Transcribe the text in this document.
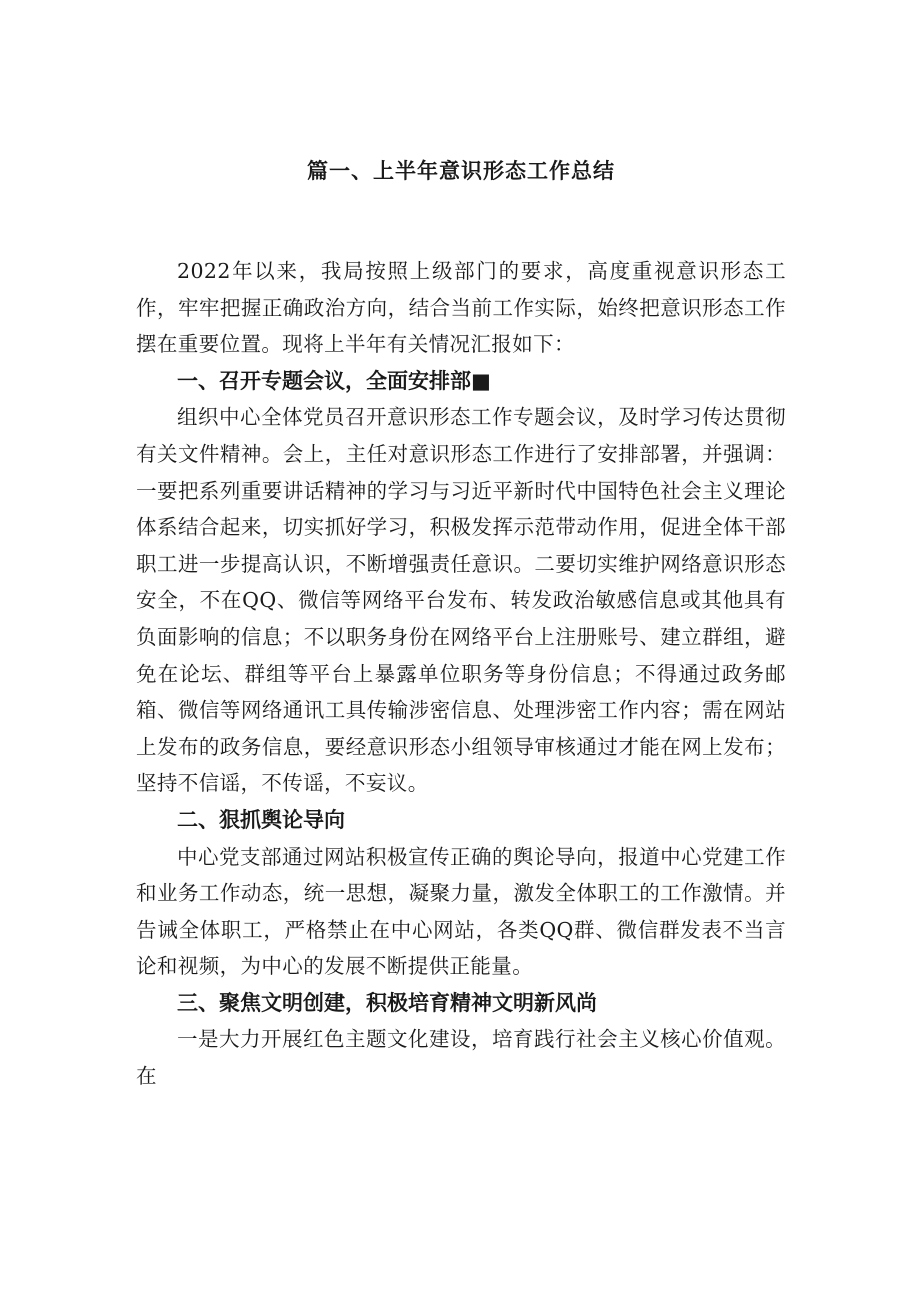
篇一、上半年意识形态工作总结

2022年以来，我局按照上级部门的要求，高度重视意识形态工作，牢牢把握正确政治方向，结合当前工作实际，始终把意识形态工作摆在重要位置。现将上半年有关情况汇报如下：

一、召开专题会议，全面安排部■

组织中心全体党员召开意识形态工作专题会议，及时学习传达贯彻有关文件精神。会上，主任对意识形态工作进行了安排部署，并强调：一要把系列重要讲话精神的学习与习近平新时代中国特色社会主义理论体系结合起来，切实抓好学习，积极发挥示范带动作用，促进全体干部职工进一步提高认识，不断增强责任意识。二要切实维护网络意识形态安全，不在QQ、微信等网络平台发布、转发政治敏感信息或其他具有负面影响的信息；不以职务身份在网络平台上注册账号、建立群组，避免在论坛、群组等平台上暴露单位职务等身份信息；不得通过政务邮箱、微信等网络通讯工具传输涉密信息、处理涉密工作内容；需在网站上发布的政务信息，要经意识形态小组领导审核通过才能在网上发布；坚持不信谣，不传谣，不妄议。

二、狠抓舆论导向

中心党支部通过网站积极宣传正确的舆论导向，报道中心党建工作和业务工作动态，统一思想，凝聚力量，激发全体职工的工作激情。并告诫全体职工，严格禁止在中心网站，各类QQ群、微信群发表不当言论和视频，为中心的发展不断提供正能量。

三、聚焦文明创建，积极培育精神文明新风尚

一是大力开展红色主题文化建设，培育践行社会主义核心价值观。在
